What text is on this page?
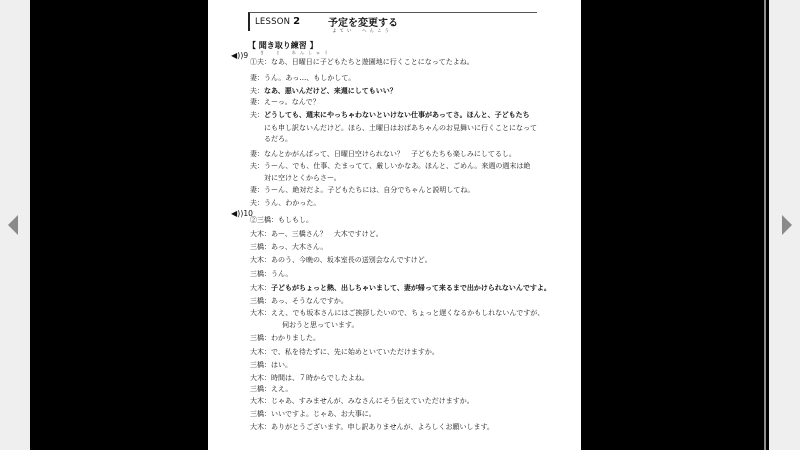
LESSON 2	予定を変更する
よてい　へんこう
【 聞き取り練習 】
き　と　れんしゅう
◀))9
◀))10
①夫：なあ、日曜日に子どもたちと遊園地に行くことになってたよね。
妻：うん。あっ…、もしかして。
夫：なあ、悪いんだけど、来週にしてもいい？
妻：えーっ。なんで？
夫：どうしても、週末にやっちゃわないといけない仕事があってさ。ほんと、子どもたち
にも申し訳ないんだけど。ほら、土曜日はおばあちゃんのお見舞いに行くことになって
るだろ。
妻：なんとかがんばって、日曜日空けられない？　子どもたちも楽しみにしてるし。
夫：うーん、でも、仕事、たまってて、厳しいかなあ。ほんと、ごめん。来週の週末は絶
対に空けとくからさー。
妻：うーん、絶対だよ。子どもたちには、自分でちゃんと説明してね。
夫：うん、わかった。
②三橋：もしもし。
大木：あー、三橋さん？　大木ですけど。
三橋：あっ、大木さん。
大木：あのう、今晩の、坂本室長の送別会なんですけど。
三橋：うん。
大木：子どもがちょっと熱、出しちゃいまして、妻が帰って来るまで出かけられないんですよ。
三橋：あっ、そうなんですか。
大木：ええ、でも坂本さんにはご挨拶したいので、ちょっと遅くなるかもしれないんですが、
伺おうと思っています。
三橋：わかりました。
大木：で、私を待たずに、先に始めといていただけますか。
三橋：はい。
大木：時間は、７時からでしたよね。
三橋：ええ。
大木：じゃあ、すみませんが、みなさんにそう伝えていただけますか。
三橋：いいですよ。じゃあ、お大事に。
大木：ありがとうございます。申し訳ありませんが、よろしくお願いします。
